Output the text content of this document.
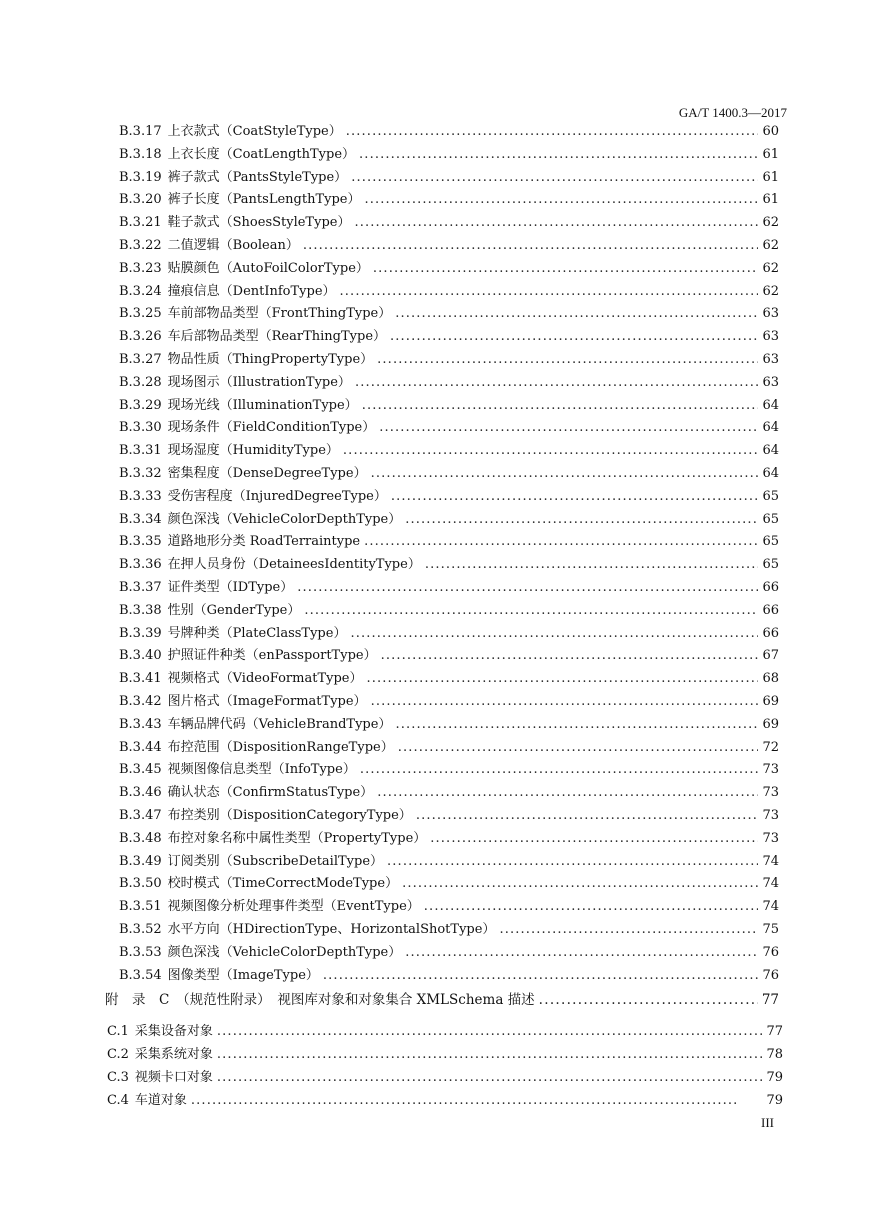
GA/T 1400.3—2017
B.3.17 上衣款式（CoatStyleType） . . .	60
B.3.18 上衣长度（CoatLengthType） . . .	61
B.3.19 裤子款式（PantsStyleType） . . .	61
B.3.20 裤子长度（PantsLengthType） . . .	61
B.3.21 鞋子款式（ShoesStyleType） . . .	62
B.3.22 二值逻辑（Boolean） . . .	62
B.3.23 贴膜颜色（AutoFoilColorType） . . .	62
B.3.24 撞痕信息（DentInfoType） . . .	62
B.3.25 车前部物品类型（FrontThingType） . . .	63
B.3.26 车后部物品类型（RearThingType） . . .	63
B.3.27 物品性质（ThingPropertyType） . . .	63
B.3.28 现场图示（IllustrationType） . . .	63
B.3.29 现场光线（IlluminationType） . . .	64
B.3.30 现场条件（FieldConditionType） . . .	64
B.3.31 现场湿度（HumidityType） . . .	64
B.3.32 密集程度（DenseDegreeType） . . .	64
B.3.33 受伤害程度（InjuredDegreeType） . . .	65
B.3.34 颜色深浅（VehicleColorDepthType） . . .	65
B.3.35 道路地形分类 RoadTerraintype . . .	65
B.3.36 在押人员身份（DetaineesIdentityType） . . .	65
B.3.37 证件类型（IDType） . . .	66
B.3.38 性别（GenderType） . . .	66
B.3.39 号牌种类（PlateClassType） . . .	66
B.3.40 护照证件种类（enPassportType） . . .	67
B.3.41 视频格式（VideoFormatType） . . .	68
B.3.42 图片格式（ImageFormatType） . . .	69
B.3.43 车辆品牌代码（VehicleBrandType） . . .	69
B.3.44 布控范围（DispositionRangeType） . . .	72
B.3.45 视频图像信息类型（InfoType） . . .	73
B.3.46 确认状态（ConfirmStatusType） . . .	73
B.3.47 布控类别（DispositionCategoryType） . . .	73
B.3.48 布控对象名称中属性类型（PropertyType） . . .	73
B.3.49 订阅类别（SubscribeDetailType） . . .	74
B.3.50 校时模式（TimeCorrectModeType） . . .	74
B.3.51 视频图像分析处理事件类型（EventType） . . .	74
B.3.52 水平方向（HDirectionType、HorizontalShotType） . . .	75
B.3.53 颜色深浅（VehicleColorDepthType） . . .	76
B.3.54 图像类型（ImageType） . . .	76
附　录　C　（规范性附录）　视图库对象和对象集合 XMLSchema 描述 . . .	77
C.1 采集设备对象 . . .	77
C.2 采集系统对象 . . .	78
C.3 视频卡口对象 . . .	79
C.4 车道对象 . . .	79
III
